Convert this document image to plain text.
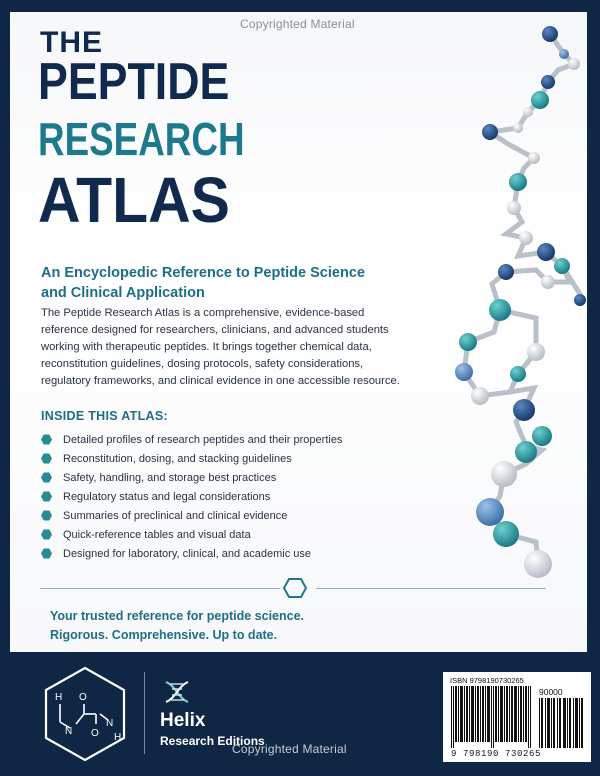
Copyrighted Material
THE
PEPTIDE
RESEARCH
ATLAS
An Encyclopedic Reference to Peptide Science and Clinical Application
The Peptide Research Atlas is a comprehensive, evidence-based reference designed for researchers, clinicians, and advanced students working with therapeutic peptides. It brings together chemical data, reconstitution guidelines, dosing protocols, safety considerations, regulatory frameworks, and clinical evidence in one accessible resource.
INSIDE THIS ATLAS:
Detailed profiles of research peptides and their properties
Reconstitution, dosing, and stacking guidelines
Safety, handling, and storage best practices
Regulatory status and legal considerations
Summaries of preclinical and clinical evidence
Quick-reference tables and visual data
Designed for laboratory, clinical, and academic use
Your trusted reference for peptide science.
Rigorous. Comprehensive. Up to date.
H
N
O
O
N
H
Helix
Research Editions
ISBN 9798190730265
90000
9 798190 730265
Copyrighted Material
